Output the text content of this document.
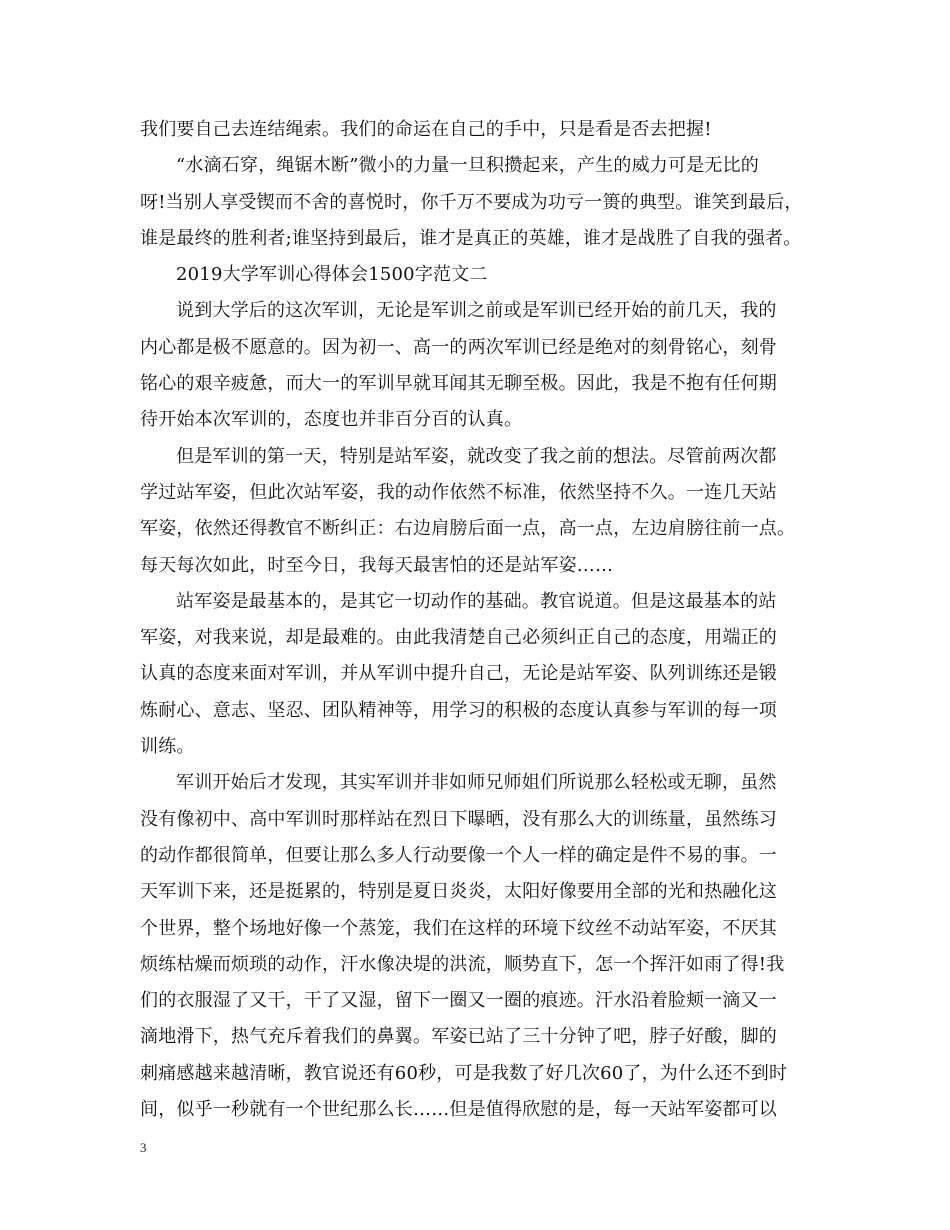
我们要自己去连结绳索。我们的命运在自己的手中，只是看是否去把握!
“水滴石穿，绳锯木断”微小的力量一旦积攒起来，产生的威力可是无比的
呀!当别人享受锲而不舍的喜悦时，你千万不要成为功亏一篑的典型。谁笑到最后，
谁是最终的胜利者;谁坚持到最后，谁才是真正的英雄，谁才是战胜了自我的强者。
2019大学军训心得体会1500字范文二
说到大学后的这次军训，无论是军训之前或是军训已经开始的前几天，我的
内心都是极不愿意的。因为初一、高一的两次军训已经是绝对的刻骨铭心，刻骨
铭心的艰辛疲惫，而大一的军训早就耳闻其无聊至极。因此，我是不抱有任何期
待开始本次军训的，态度也并非百分百的认真。
但是军训的第一天，特别是站军姿，就改变了我之前的想法。尽管前两次都
学过站军姿，但此次站军姿，我的动作依然不标准，依然坚持不久。一连几天站
军姿，依然还得教官不断纠正：右边肩膀后面一点，高一点，左边肩膀往前一点。
每天每次如此，时至今日，我每天最害怕的还是站军姿……
站军姿是最基本的，是其它一切动作的基础。教官说道。但是这最基本的站
军姿，对我来说，却是最难的。由此我清楚自己必须纠正自己的态度，用端正的
认真的态度来面对军训，并从军训中提升自己，无论是站军姿、队列训练还是锻
炼耐心、意志、坚忍、团队精神等，用学习的积极的态度认真参与军训的每一项
训练。
军训开始后才发现，其实军训并非如师兄师姐们所说那么轻松或无聊，虽然
没有像初中、高中军训时那样站在烈日下曝晒，没有那么大的训练量，虽然练习
的动作都很简单，但要让那么多人行动要像一个人一样的确定是件不易的事。一
天军训下来，还是挺累的，特别是夏日炎炎，太阳好像要用全部的光和热融化这
个世界，整个场地好像一个蒸笼，我们在这样的环境下纹丝不动站军姿，不厌其
烦练枯燥而烦琐的动作，汗水像决堤的洪流，顺势直下，怎一个挥汗如雨了得!我
们的衣服湿了又干，干了又湿，留下一圈又一圈的痕迹。汗水沿着脸颊一滴又一
滴地滑下，热气充斥着我们的鼻翼。军姿已站了三十分钟了吧，脖子好酸，脚的
刺痛感越来越清晰，教官说还有60秒，可是我数了好几次60了，为什么还不到时
间，似乎一秒就有一个世纪那么长……但是值得欣慰的是，每一天站军姿都可以

3
